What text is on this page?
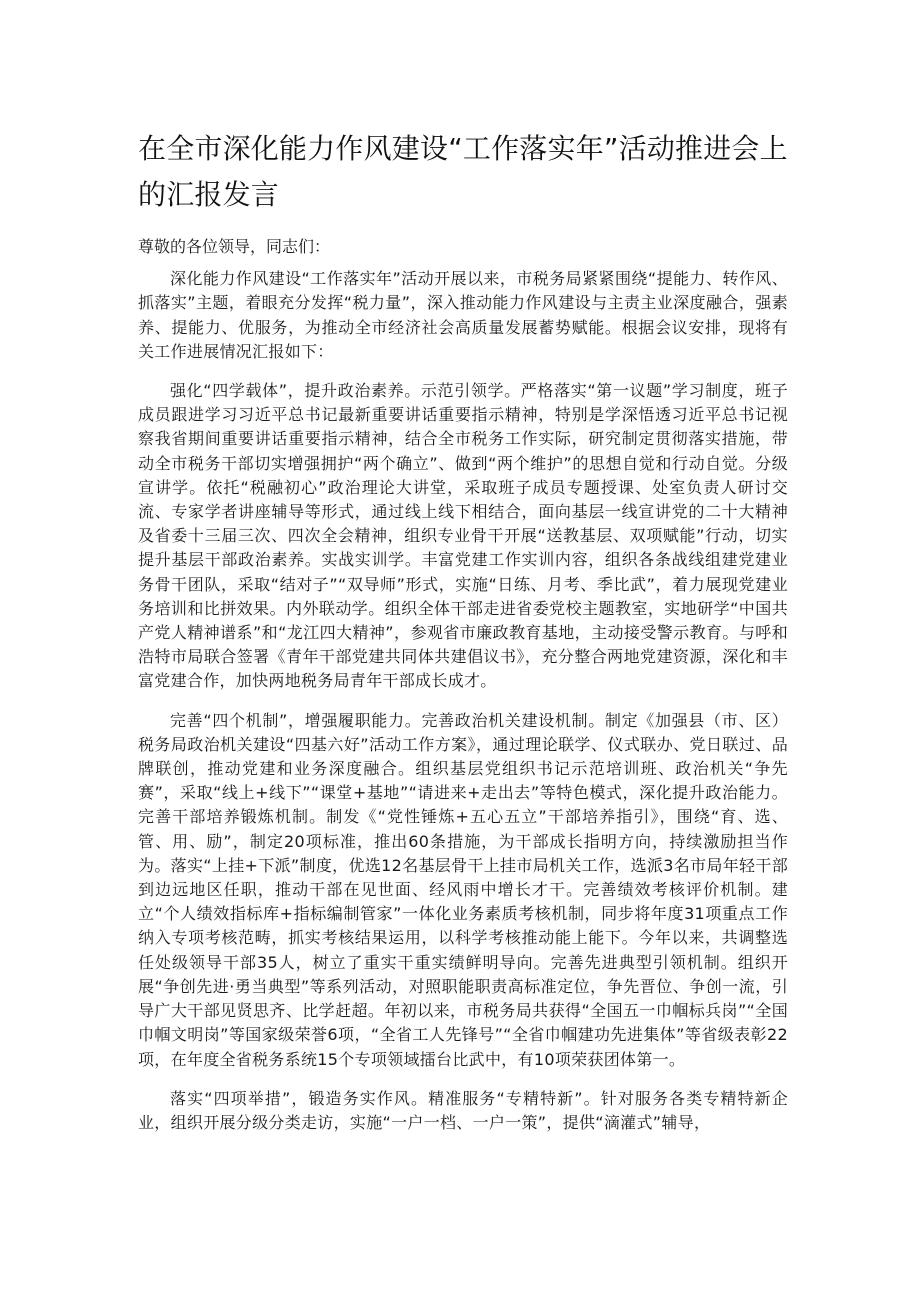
在全市深化能力作风建设“工作落实年”活动推进会上的汇报发言

尊敬的各位领导，同志们：

深化能力作风建设“工作落实年”活动开展以来，市税务局紧紧围绕“提能力、转作风、抓落实”主题，着眼充分发挥“税力量”，深入推动能力作风建设与主责主业深度融合，强素养、提能力、优服务，为推动全市经济社会高质量发展蓄势赋能。根据会议安排，现将有关工作进展情况汇报如下：

强化“四学载体”，提升政治素养。示范引领学。严格落实“第一议题”学习制度，班子成员跟进学习习近平总书记最新重要讲话重要指示精神，特别是学深悟透习近平总书记视察我省期间重要讲话重要指示精神，结合全市税务工作实际，研究制定贯彻落实措施，带动全市税务干部切实增强拥护“两个确立”、做到“两个维护”的思想自觉和行动自觉。分级宣讲学。依托“税融初心”政治理论大讲堂，采取班子成员专题授课、处室负责人研讨交流、专家学者讲座辅导等形式，通过线上线下相结合，面向基层一线宣讲党的二十大精神及省委十三届三次、四次全会精神，组织专业骨干开展“送教基层、双项赋能”行动，切实提升基层干部政治素养。实战实训学。丰富党建工作实训内容，组织各条战线组建党建业务骨干团队，采取“结对子”“双导师”形式，实施“日练、月考、季比武”，着力展现党建业务培训和比拼效果。内外联动学。组织全体干部走进省委党校主题教室，实地研学“中国共产党人精神谱系”和“龙江四大精神”，参观省市廉政教育基地，主动接受警示教育。与呼和浩特市局联合签署《青年干部党建共同体共建倡议书》，充分整合两地党建资源，深化和丰富党建合作，加快两地税务局青年干部成长成才。

完善“四个机制”，增强履职能力。完善政治机关建设机制。制定《加强县（市、区）税务局政治机关建设“四基六好”活动工作方案》，通过理论联学、仪式联办、党日联过、品牌联创，推动党建和业务深度融合。组织基层党组织书记示范培训班、政治机关“争先赛”，采取“线上+线下”“课堂+基地”“请进来+走出去”等特色模式，深化提升政治能力。完善干部培养锻炼机制。制发《“党性锤炼+五心五立”干部培养指引》，围绕“育、选、管、用、励”，制定20项标准，推出60条措施，为干部成长指明方向，持续激励担当作为。落实“上挂+下派”制度，优选12名基层骨干上挂市局机关工作，选派3名市局年轻干部到边远地区任职，推动干部在见世面、经风雨中增长才干。完善绩效考核评价机制。建立“个人绩效指标库+指标编制管家”一体化业务素质考核机制，同步将年度31项重点工作纳入专项考核范畴，抓实考核结果运用，以科学考核推动能上能下。今年以来，共调整选任处级领导干部35人，树立了重实干重实绩鲜明导向。完善先进典型引领机制。组织开展“争创先进·勇当典型”等系列活动，对照职能职责高标准定位，争先晋位、争创一流，引导广大干部见贤思齐、比学赶超。年初以来，市税务局共获得“全国五一巾帼标兵岗”“全国巾帼文明岗”等国家级荣誉6项，“全省工人先锋号”“全省巾帼建功先进集体”等省级表彰22项，在年度全省税务系统15个专项领域擂台比武中，有10项荣获团体第一。

落实“四项举措”，锻造务实作风。精准服务“专精特新”。针对服务各类专精特新企业，组织开展分级分类走访，实施“一户一档、一户一策”，提供“滴灌式”辅导，
